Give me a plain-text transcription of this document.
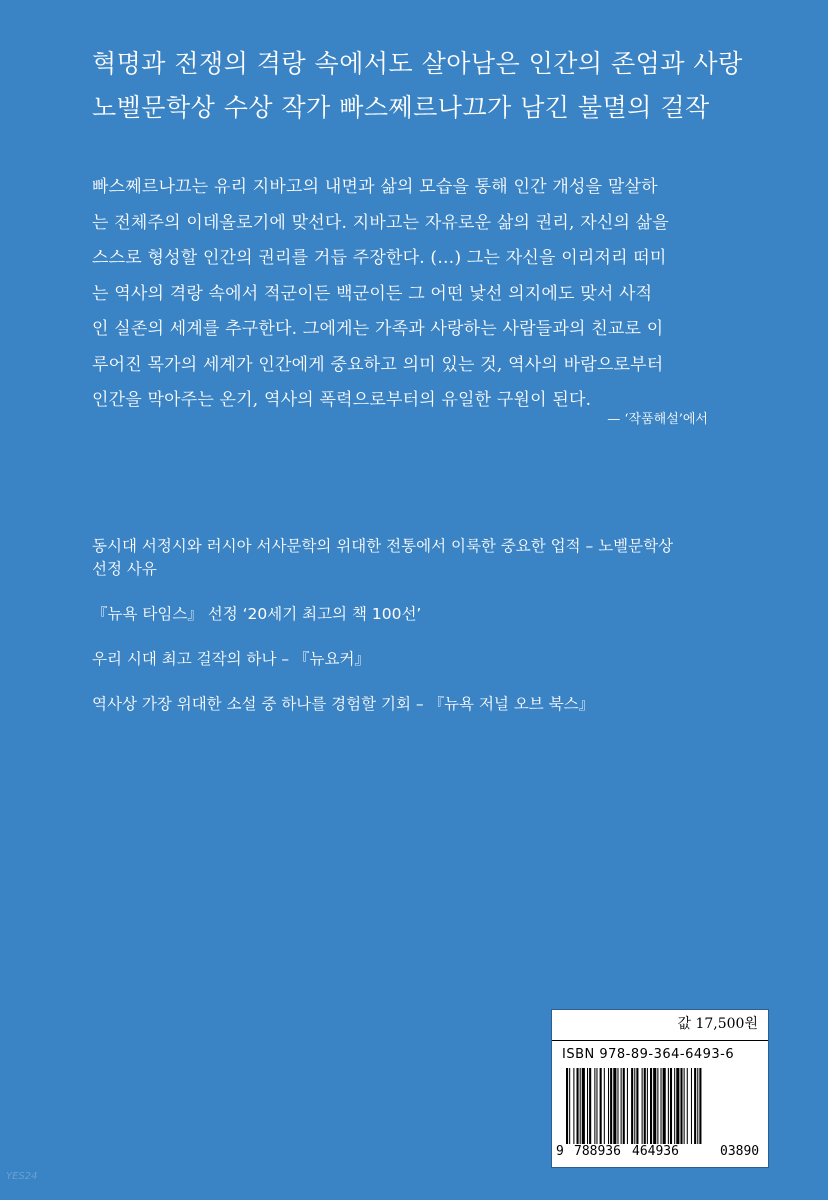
혁명과 전쟁의 격랑 속에서도 살아남은 인간의 존엄과 사랑
노벨문학상 수상 작가 빠스쩨르나끄가 남긴 불멸의 걸작
빠스쩨르나끄는 유리 지바고의 내면과 삶의 모습을 통해 인간 개성을 말살하
는 전체주의 이데올로기에 맞선다. 지바고는 자유로운 삶의 권리, 자신의 삶을
스스로 형성할 인간의 권리를 거듭 주장한다. (…) 그는 자신을 이리저리 떠미
는 역사의 격랑 속에서 적군이든 백군이든 그 어떤 낯선 의지에도 맞서 사적
인 실존의 세계를 추구한다. 그에게는 가족과 사랑하는 사람들과의 친교로 이
루어진 목가의 세계가 인간에게 중요하고 의미 있는 것, 역사의 바람으로부터
인간을 막아주는 온기, 역사의 폭력으로부터의 유일한 구원이 된다.
— ‘작품해설’에서
동시대 서정시와 러시아 서사문학의 위대한 전통에서 이룩한 중요한 업적 – 노벨문학상
선정 사유
『뉴욕 타임스』 선정 ‘20세기 최고의 책 100선’
우리 시대 최고 걸작의 하나 – 『뉴요커』
역사상 가장 위대한 소설 중 하나를 경험할 기회 – 『뉴욕 저널 오브 북스』
값 17,500원
ISBN 978-89-364-6493-6
9 788936 464936	03890
YES24
